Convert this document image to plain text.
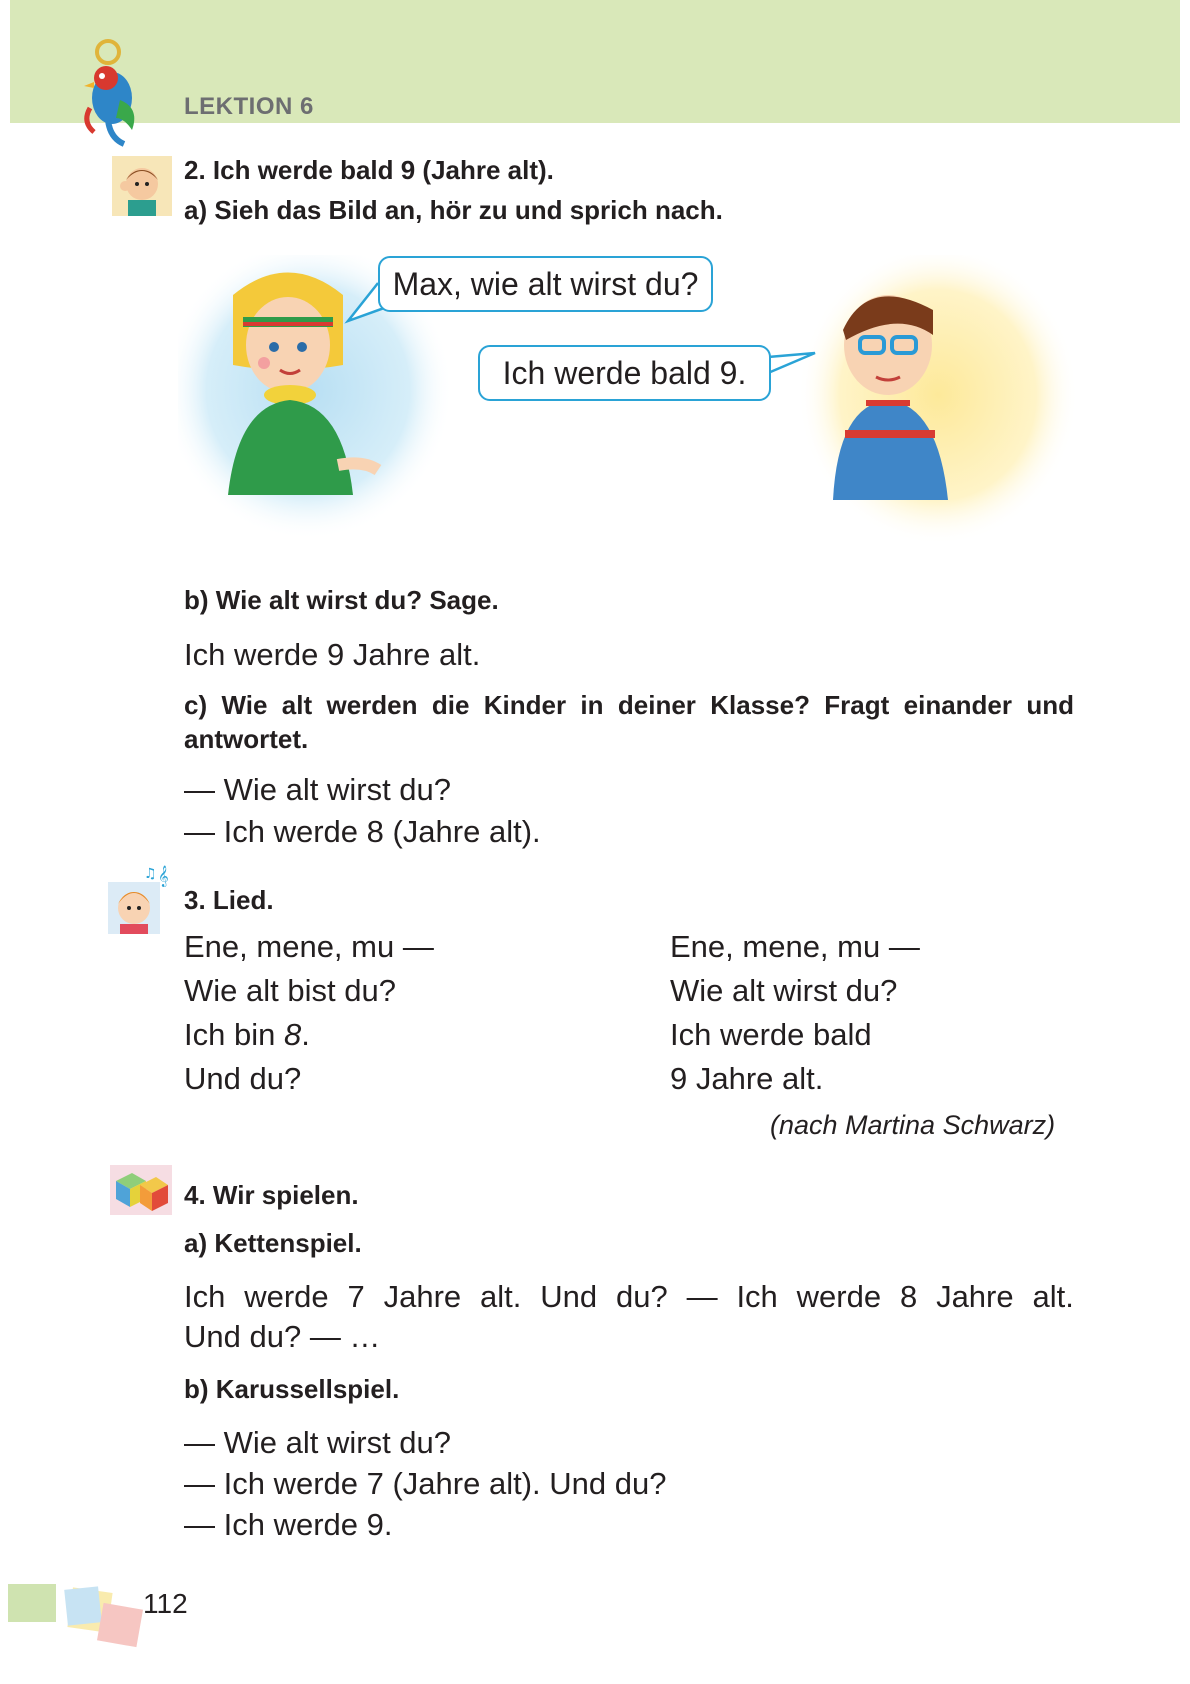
LEKTION 6
2. Ich werde bald 9 (Jahre alt).
a) Sieh das Bild an, hör zu und sprich nach.
Max, wie alt wirst du?
Ich werde bald 9.
b) Wie alt wirst du? Sage.
Ich werde 9 Jahre alt.
c) Wie alt werden die Kinder in deiner Klasse? Fragt einander und antwortet.
— Wie alt wirst du?
— Ich werde 8 (Jahre alt).
♫ 𝄞
3. Lied.
Ene, mene, mu —
Wie alt bist du?
Ich bin 8.
Und du?
Ene, mene, mu —
Wie alt wirst du?
Ich werde bald
9 Jahre alt.
(nach Martina Schwarz)
4. Wir spielen.
a) Kettenspiel.
Ich werde 7 Jahre alt. Und du? — Ich werde 8 Jahre alt.
Und du? — …
b) Karussellspiel.
— Wie alt wirst du?
— Ich werde 7 (Jahre alt). Und du?
— Ich werde 9.
112
